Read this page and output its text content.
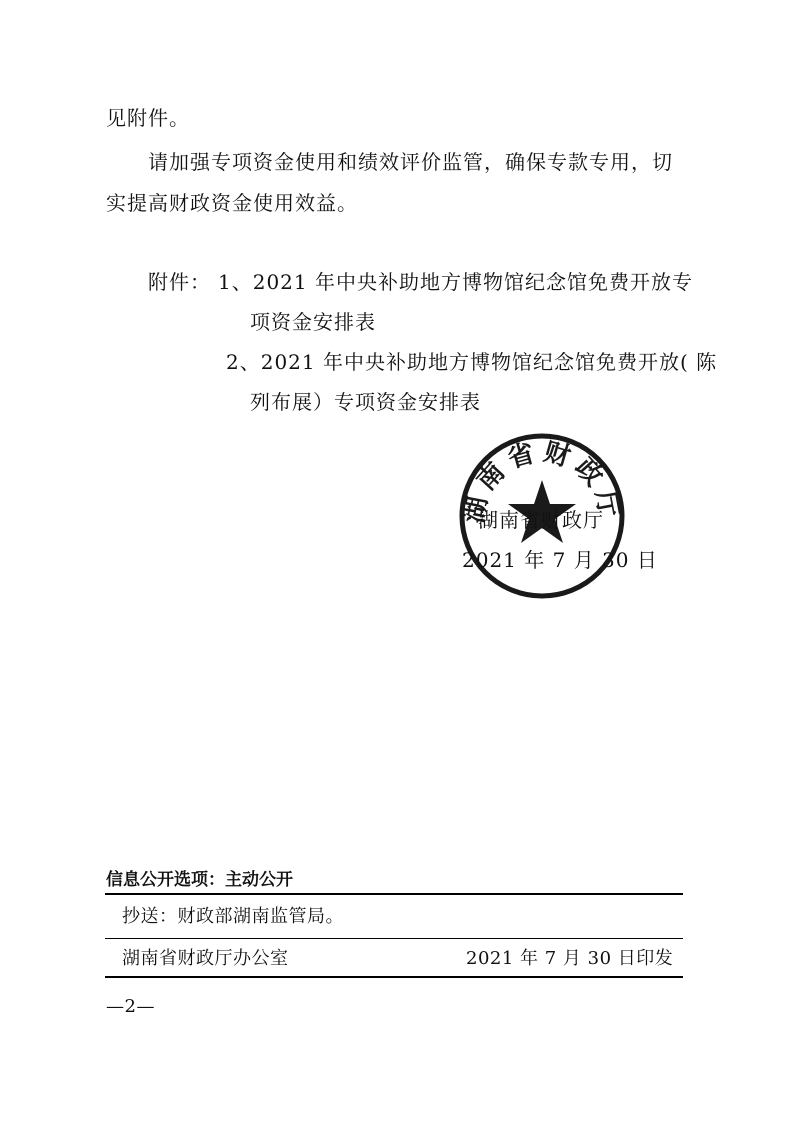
见附件。
请加强专项资金使用和绩效评价监管，确保专款专用，切
实提高财政资金使用效益。
附件： 1、2021 年中央补助地方博物馆纪念馆免费开放专
项资金安排表
2、2021 年中央补助地方博物馆纪念馆免费开放( 陈
列布展）专项资金安排表
湖南省财政厅
湖南省财政厅
2021 年 7 月 30 日
信息公开选项：主动公开
抄送：财政部湖南监管局。
湖南省财政厅办公室	2021 年 7 月 30 日印发
—2—
